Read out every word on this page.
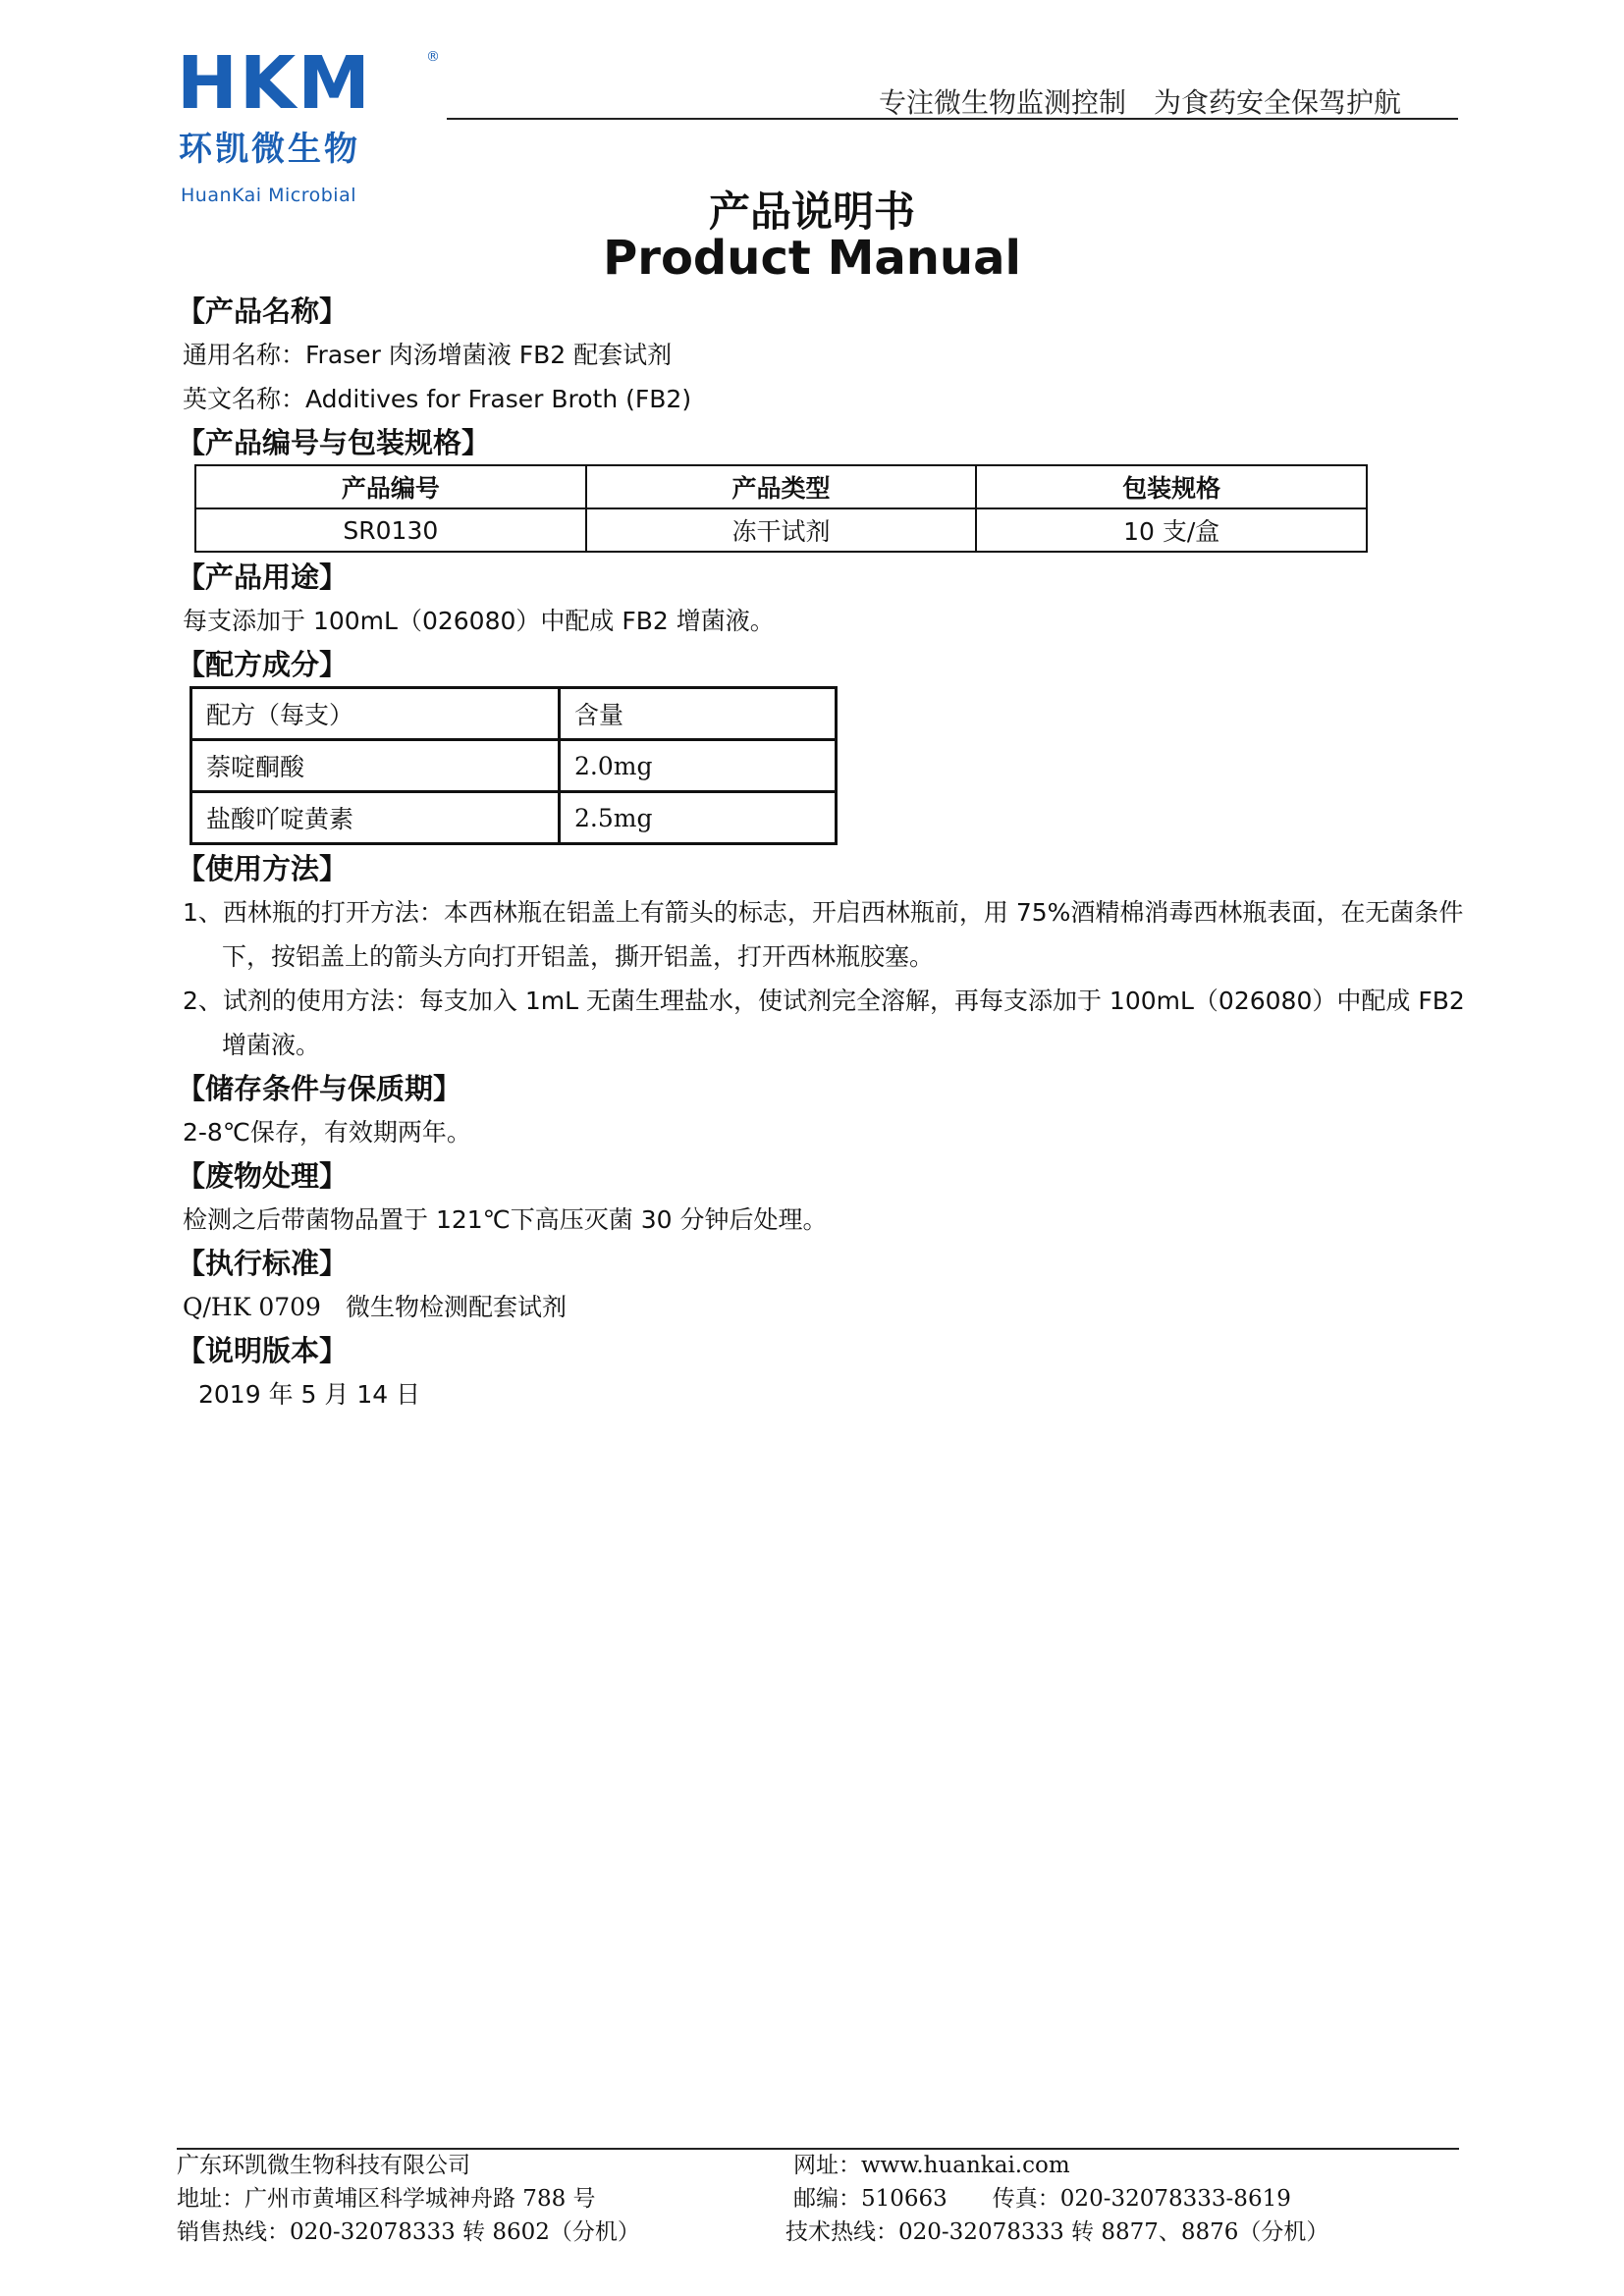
HKM	®
环凯微生物
HuanKai Microbial
专注微生物监测控制 为食药安全保驾护航
产品说明书
Product Manual
【产品名称】
通用名称：Fraser 肉汤增菌液 FB2 配套试剂
英文名称：Additives for Fraser Broth (FB2)
【产品编号与包装规格】
产品编号	产品类型	包装规格
SR0130	冻干试剂	10 支/盒
【产品用途】
每支添加于 100mL（026080）中配成 FB2 增菌液。
【配方成分】
配方（每支）	含量
萘啶酮酸	2.0mg
盐酸吖啶黄素	2.5mg
【使用方法】
1、西林瓶的打开方法：本西林瓶在铝盖上有箭头的标志，开启西林瓶前，用 75%酒精棉消毒西林瓶表面，在无菌条件下，按铝盖上的箭头方向打开铝盖，撕开铝盖，打开西林瓶胶塞。
2、试剂的使用方法：每支加入 1mL 无菌生理盐水，使试剂完全溶解，再每支添加于 100mL（026080）中配成 FB2 增菌液。
【储存条件与保质期】
2-8℃保存，有效期两年。
【废物处理】
检测之后带菌物品置于 121℃下高压灭菌 30 分钟后处理。
【执行标准】
Q/HK 0709　微生物检测配套试剂
【说明版本】
2019 年 5 月 14 日
广东环凯微生物科技有限公司
地址：广州市黄埔区科学城神舟路 788 号
销售热线：020-32078333 转 8602（分机）
网址：www.huankai.com
邮编：510663　　传真：020-32078333-8619
技术热线：020-32078333 转 8877、8876（分机）
